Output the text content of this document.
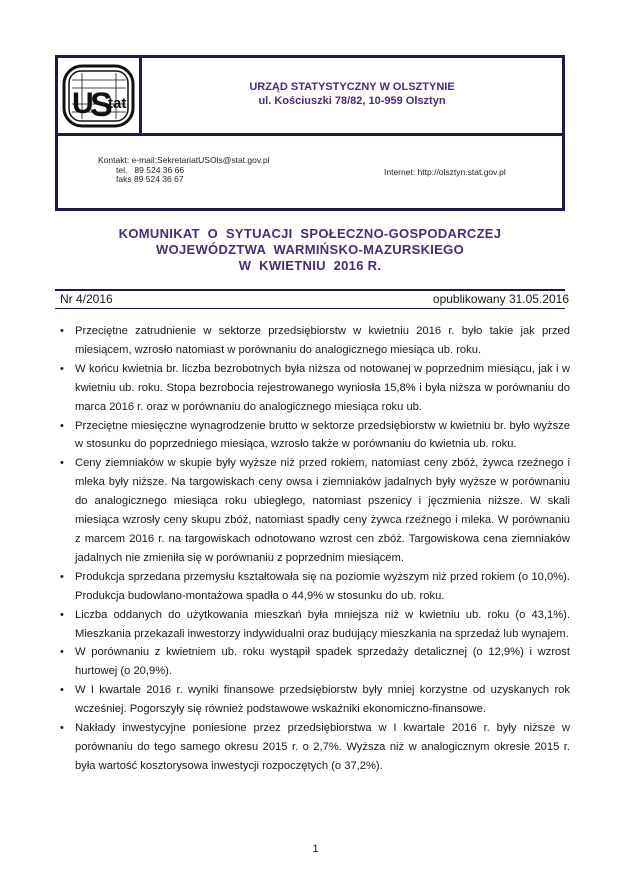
U
S
tat
URZĄD STATYSTYCZNY W OLSZTYNIE
ul. Kościuszki 78/82, 10-959 Olsztyn
Kontakt: e-mail:SekretariatUSOls@stat.gov.pl
tel.   89 524 36 66
faks 89 524 36 67
Internet: http://olsztyn.stat.gov.pl
KOMUNIKAT  O  SYTUACJI  SPOŁECZNO-GOSPODARCZEJ
WOJEWÓDZTWA  WARMIŃSKO-MAZURSKIEGO
W  KWIETNIU  2016 R.
Nr 4/2016	opublikowany 31.05.2016
• Przeciętne zatrudnienie w sektorze przedsiębiorstw w kwietniu 2016 r. było takie jak przed miesiącem, wzrosło natomiast w porównaniu do analogicznego miesiąca ub. roku.
• W końcu kwietnia br. liczba bezrobotnych była niższa od notowanej w poprzednim miesiącu, jak i w kwietniu ub. roku. Stopa bezrobocia rejestrowanego wyniosła 15,8% i była niższa w porównaniu do marca 2016 r. oraz w porównaniu do analogicznego miesiąca roku ub.
• Przeciętne miesięczne wynagrodzenie brutto w sektorze przedsiębiorstw w kwietniu br. było wyższe w stosunku do poprzedniego miesiąca, wzrosło także w porównaniu do kwietnia ub. roku.
• Ceny ziemniaków w skupie były wyższe niż przed rokiem, natomiast ceny zbóż, żywca rzeźnego i mleka były niższe. Na targowiskach ceny owsa i ziemniaków jadalnych były wyższe w porównaniu do analogicznego miesiąca roku ubiegłego, natomiast pszenicy i jęczmienia niższe. W skali miesiąca wzrosły ceny skupu zbóż, natomiast spadły ceny żywca rzeźnego i mleka. W porównaniu z marcem 2016 r. na targowiskach odnotowano wzrost cen zbóż. Targowiskowa cena ziemniaków jadalnych nie zmieniła się w porównaniu z poprzednim miesiącem.
• Produkcja sprzedana przemysłu kształtowała się na poziomie wyższym niż przed rokiem (o 10,0%). Produkcja budowlano-montażowa spadła o 44,9% w stosunku do ub. roku.
• Liczba oddanych do użytkowania mieszkań była mniejsza niż w kwietniu ub. roku (o 43,1%). Mieszkania przekazali inwestorzy indywidualni oraz budujący mieszkania na sprzedaż lub wynajem.
• W porównaniu z kwietniem ub. roku wystąpił spadek sprzedaży detalicznej (o 12,9%) i wzrost hurtowej (o 20,9%).
• W I kwartale 2016 r. wyniki finansowe przedsiębiorstw były mniej korzystne od uzyskanych rok wcześniej. Pogorszyły się również podstawowe wskaźniki ekonomiczno-finansowe.
• Nakłady inwestycyjne poniesione przez przedsiębiorstwa w I kwartale 2016 r. były niższe w porównaniu do tego samego okresu 2015 r. o 2,7%. Wyższa niż w analogicznym okresie 2015 r. była wartość kosztorysowa inwestycji rozpoczętych (o 37,2%).
1
